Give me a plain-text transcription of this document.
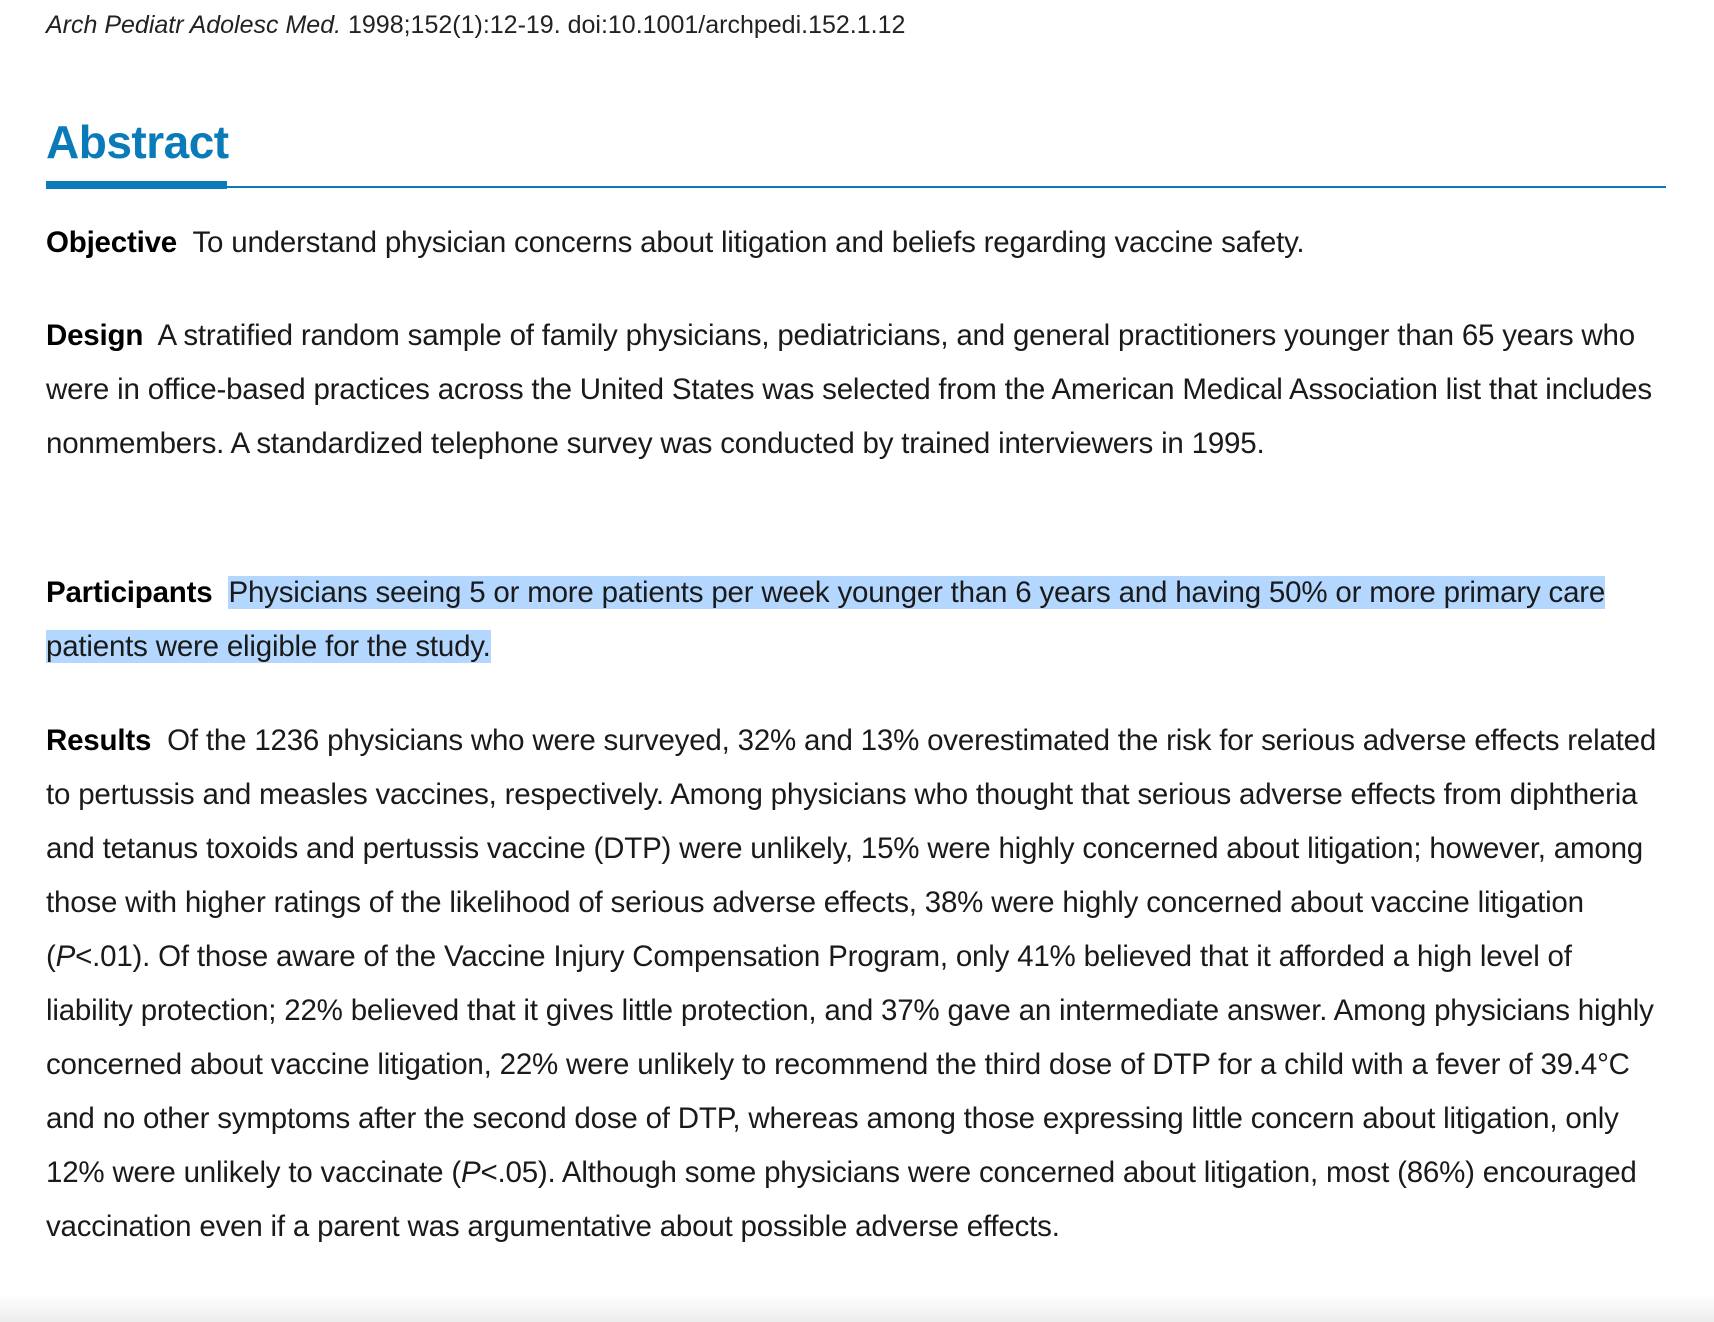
Arch Pediatr Adolesc Med. 1998;152(1):12-19. doi:10.1001/archpedi.152.1.12
Abstract

Objective To understand physician concerns about litigation and beliefs regarding vaccine safety.

Design A stratified random sample of family physicians, pediatricians, and general practitioners younger than 65 years who were in office-based practices across the United States was selected from the American Medical Association list that includes nonmembers. A standardized telephone survey was conducted by trained interviewers in 1995.

Participants Physicians seeing 5 or more patients per week younger than 6 years and having 50% or more primary care patients were eligible for the study.

Results Of the 1236 physicians who were surveyed, 32% and 13% overestimated the risk for serious adverse effects related to pertussis and measles vaccines, respectively. Among physicians who thought that serious adverse effects from diphtheria and tetanus toxoids and pertussis vaccine (DTP) were unlikely, 15% were highly concerned about litigation; however, among those with higher ratings of the likelihood of serious adverse effects, 38% were highly concerned about vaccine litigation (P<.01). Of those aware of the Vaccine Injury Compensation Program, only 41% believed that it afforded a high level of liability protection; 22% believed that it gives little protection, and 37% gave an intermediate answer. Among physicians highly concerned about vaccine litigation, 22% were unlikely to recommend the third dose of DTP for a child with a fever of 39.4°C and no other symptoms after the second dose of DTP, whereas among those expressing little concern about litigation, only 12% were unlikely to vaccinate (P<.05). Although some physicians were concerned about litigation, most (86%) encouraged vaccination even if a parent was argumentative about possible adverse effects.
